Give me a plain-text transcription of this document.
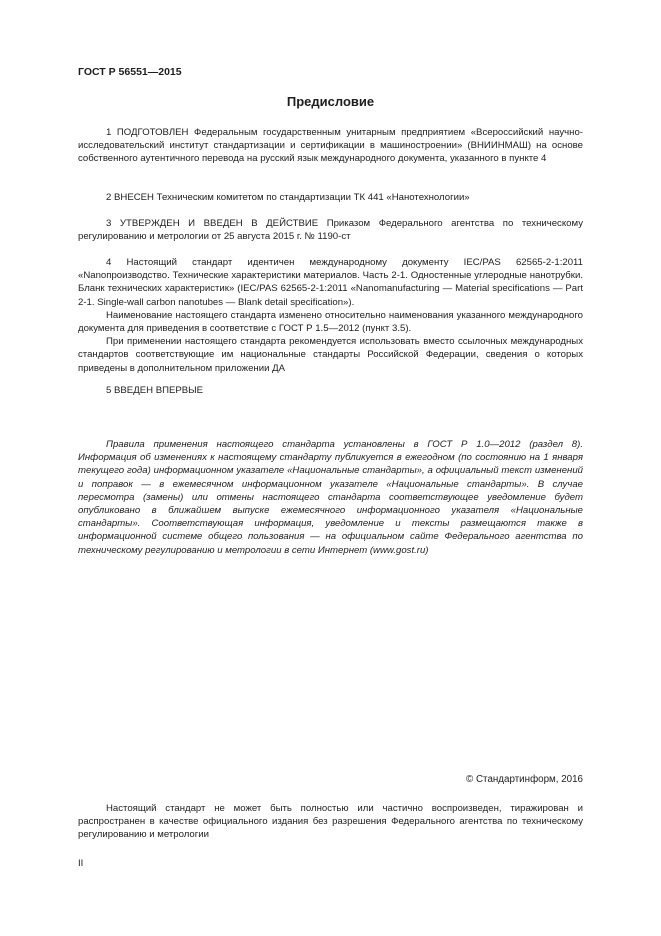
ГОСТ Р 56551—2015
Предисловие

1 ПОДГОТОВЛЕН Федеральным государственным унитарным предприятием «Всероссийский научно-исследовательский институт стандартизации и сертификации в машиностроении» (ВНИИНМАШ) на основе собственного аутентичного перевода на русский язык международного документа, указанного в пункте 4

2 ВНЕСЕН Техническим комитетом по стандартизации ТК 441 «Нанотехнологии»

3 УТВЕРЖДЕН И ВВЕДЕН В ДЕЙСТВИЕ Приказом Федерального агентства по техническому регулированию и метрологии от 25 августа 2015 г. № 1190-ст

4 Настоящий стандарт идентичен международному документу IEC/PAS 62565-2-1:2011 «Nanoпроизводство. Технические характеристики материалов. Часть 2-1. Одностенные углеродные нанотрубки. Бланк технических характеристик» (IEC/PAS 62565-2-1:2011 «Nanomanufacturing — Material specifications — Part 2-1. Single-wall carbon nanotubes — Blank detail specification»).

Наименование настоящего стандарта изменено относительно наименования указанного международного документа для приведения в соответствие с ГОСТ Р 1.5—2012 (пункт 3.5).

При применении настоящего стандарта рекомендуется использовать вместо ссылочных международных стандартов соответствующие им национальные стандарты Российской Федерации, сведения о которых приведены в дополнительном приложении ДА

5 ВВЕДЕН ВПЕРВЫЕ

Правила применения настоящего стандарта установлены в ГОСТ Р 1.0—2012 (раздел 8). Информация об изменениях к настоящему стандарту публикуется в ежегодном (по состоянию на 1 января текущего года) информационном указателе «Национальные стандарты», а официальный текст изменений и поправок — в ежемесячном информационном указателе «Национальные стандарты». В случае пересмотра (замены) или отмены настоящего стандарта соответствующее уведомление будет опубликовано в ближайшем выпуске ежемесячного информационного указателя «Национальные стандарты». Соответствующая информация, уведомление и тексты размещаются также в информационной системе общего пользования — на официальном сайте Федерального агентства по техническому регулированию и метрологии в сети Интернет (www.gost.ru)

© Стандартинформ, 2016

Настоящий стандарт не может быть полностью или частично воспроизведен, тиражирован и распространен в качестве официального издания без разрешения Федерального агентства по техническому регулированию и метрологии

II
